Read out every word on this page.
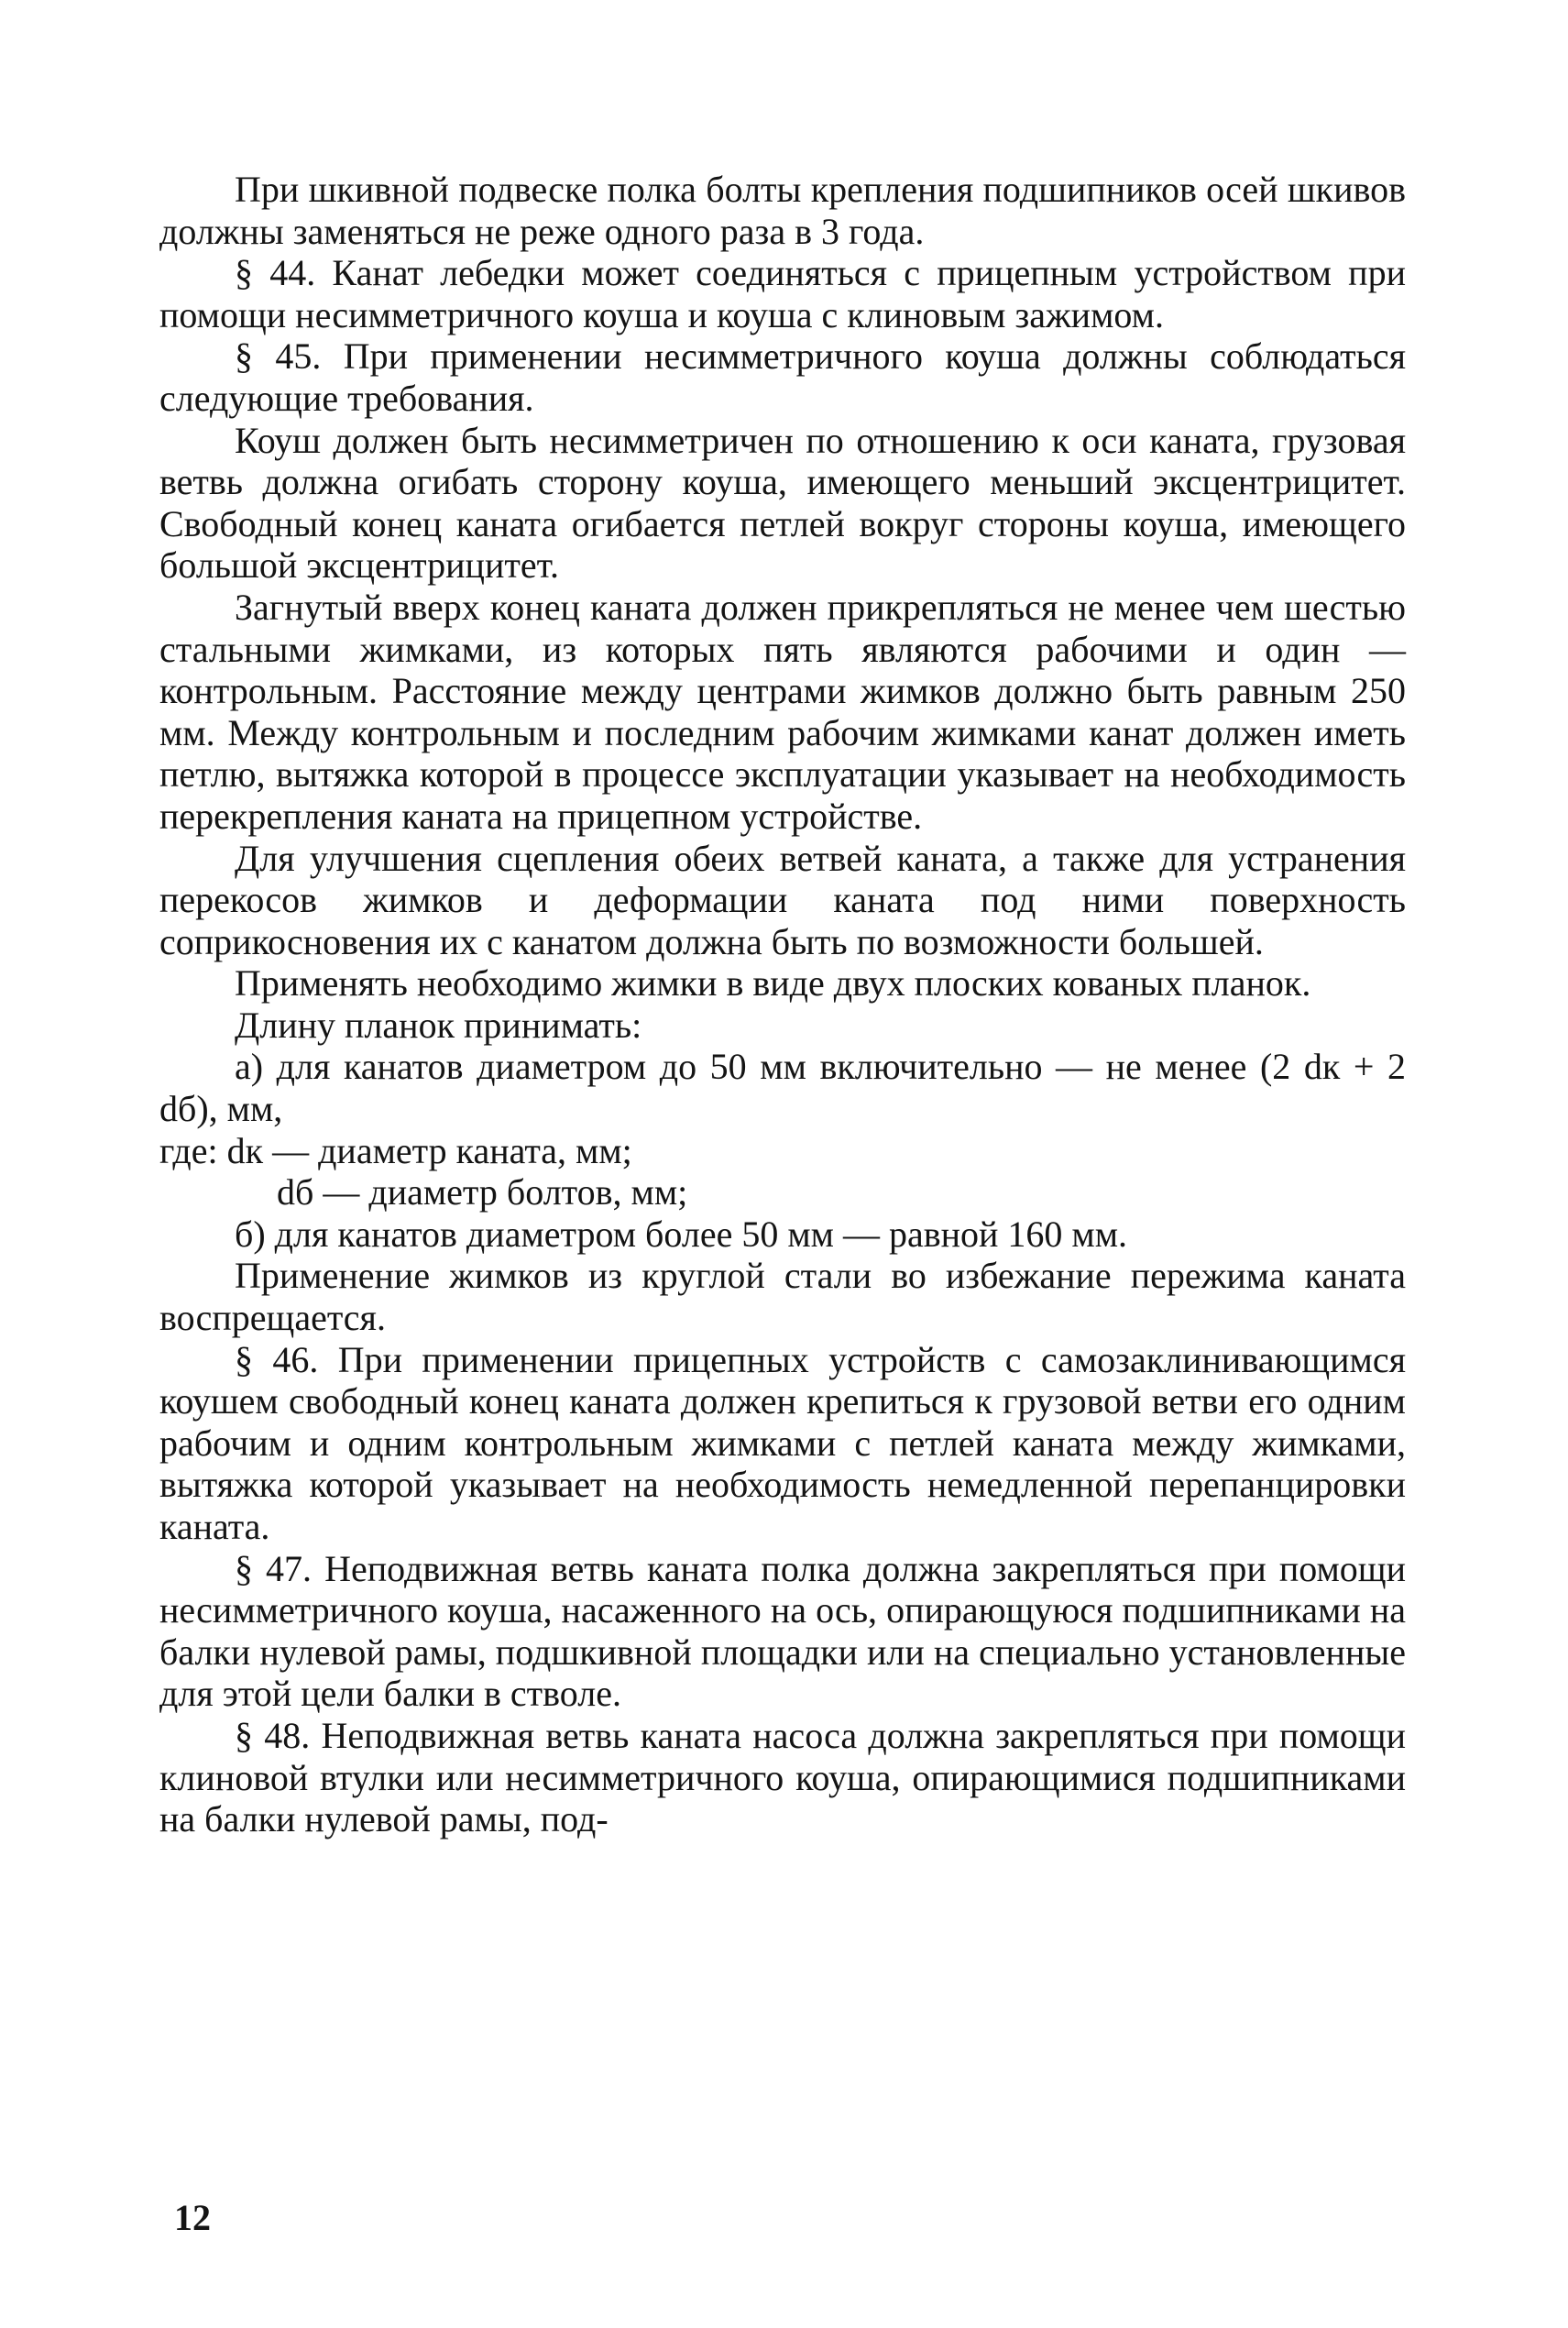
При шкивной подвеске полка болты крепления подшипников осей шкивов должны заменяться не реже одного раза в 3 года.

§ 44. Канат лебедки может соединяться с прицепным устройством при помощи несимметричного коуша и коуша с клиновым зажимом.

§ 45. При применении несимметричного коуша должны соблюдаться следующие требования.

Коуш должен быть несимметричен по отношению к оси каната, грузовая ветвь должна огибать сторону коуша, имеющего меньший эксцентрицитет. Свободный конец каната огибается петлей вокруг стороны коуша, имеющего большой эксцентрицитет.

Загнутый вверх конец каната должен прикрепляться не менее чем шестью стальными жимками, из которых пять являются рабочими и один — контрольным. Расстояние между центрами жимков должно быть равным 250 мм. Между контрольным и последним рабочим жимками канат должен иметь петлю, вытяжка которой в процессе эксплуатации указывает на необходимость перекрепления каната на прицепном устройстве.

Для улучшения сцепления обеих ветвей каната, а также для устранения перекосов жимков и деформации каната под ними поверхность соприкосновения их с канатом должна быть по возможности большей.

Применять необходимо жимки в виде двух плоских кованых планок.

Длину планок принимать:

а) для канатов диаметром до 50 мм включительно — не менее (2 dк + 2 dб), мм,

где: dк — диаметр каната, мм;

dб — диаметр болтов, мм;

б) для канатов диаметром более 50 мм — равной 160 мм.

Применение жимков из круглой стали во избежание пережима каната воспрещается.

§ 46. При применении прицепных устройств с самозаклинивающимся коушем свободный конец каната должен крепиться к грузовой ветви его одним рабочим и одним контрольным жимками с петлей каната между жимками, вытяжка которой указывает на необходимость немедленной перепанцировки каната.

§ 47. Неподвижная ветвь каната полка должна закрепляться при помощи несимметричного коуша, насаженного на ось, опирающуюся подшипниками на балки нулевой рамы, подшкивной площадки или на специально установленные для этой цели балки в стволе.

§ 48. Неподвижная ветвь каната насоса должна закрепляться при помощи клиновой втулки или несимметричного коуша, опирающимися подшипниками на балки нулевой рамы, под-

12
